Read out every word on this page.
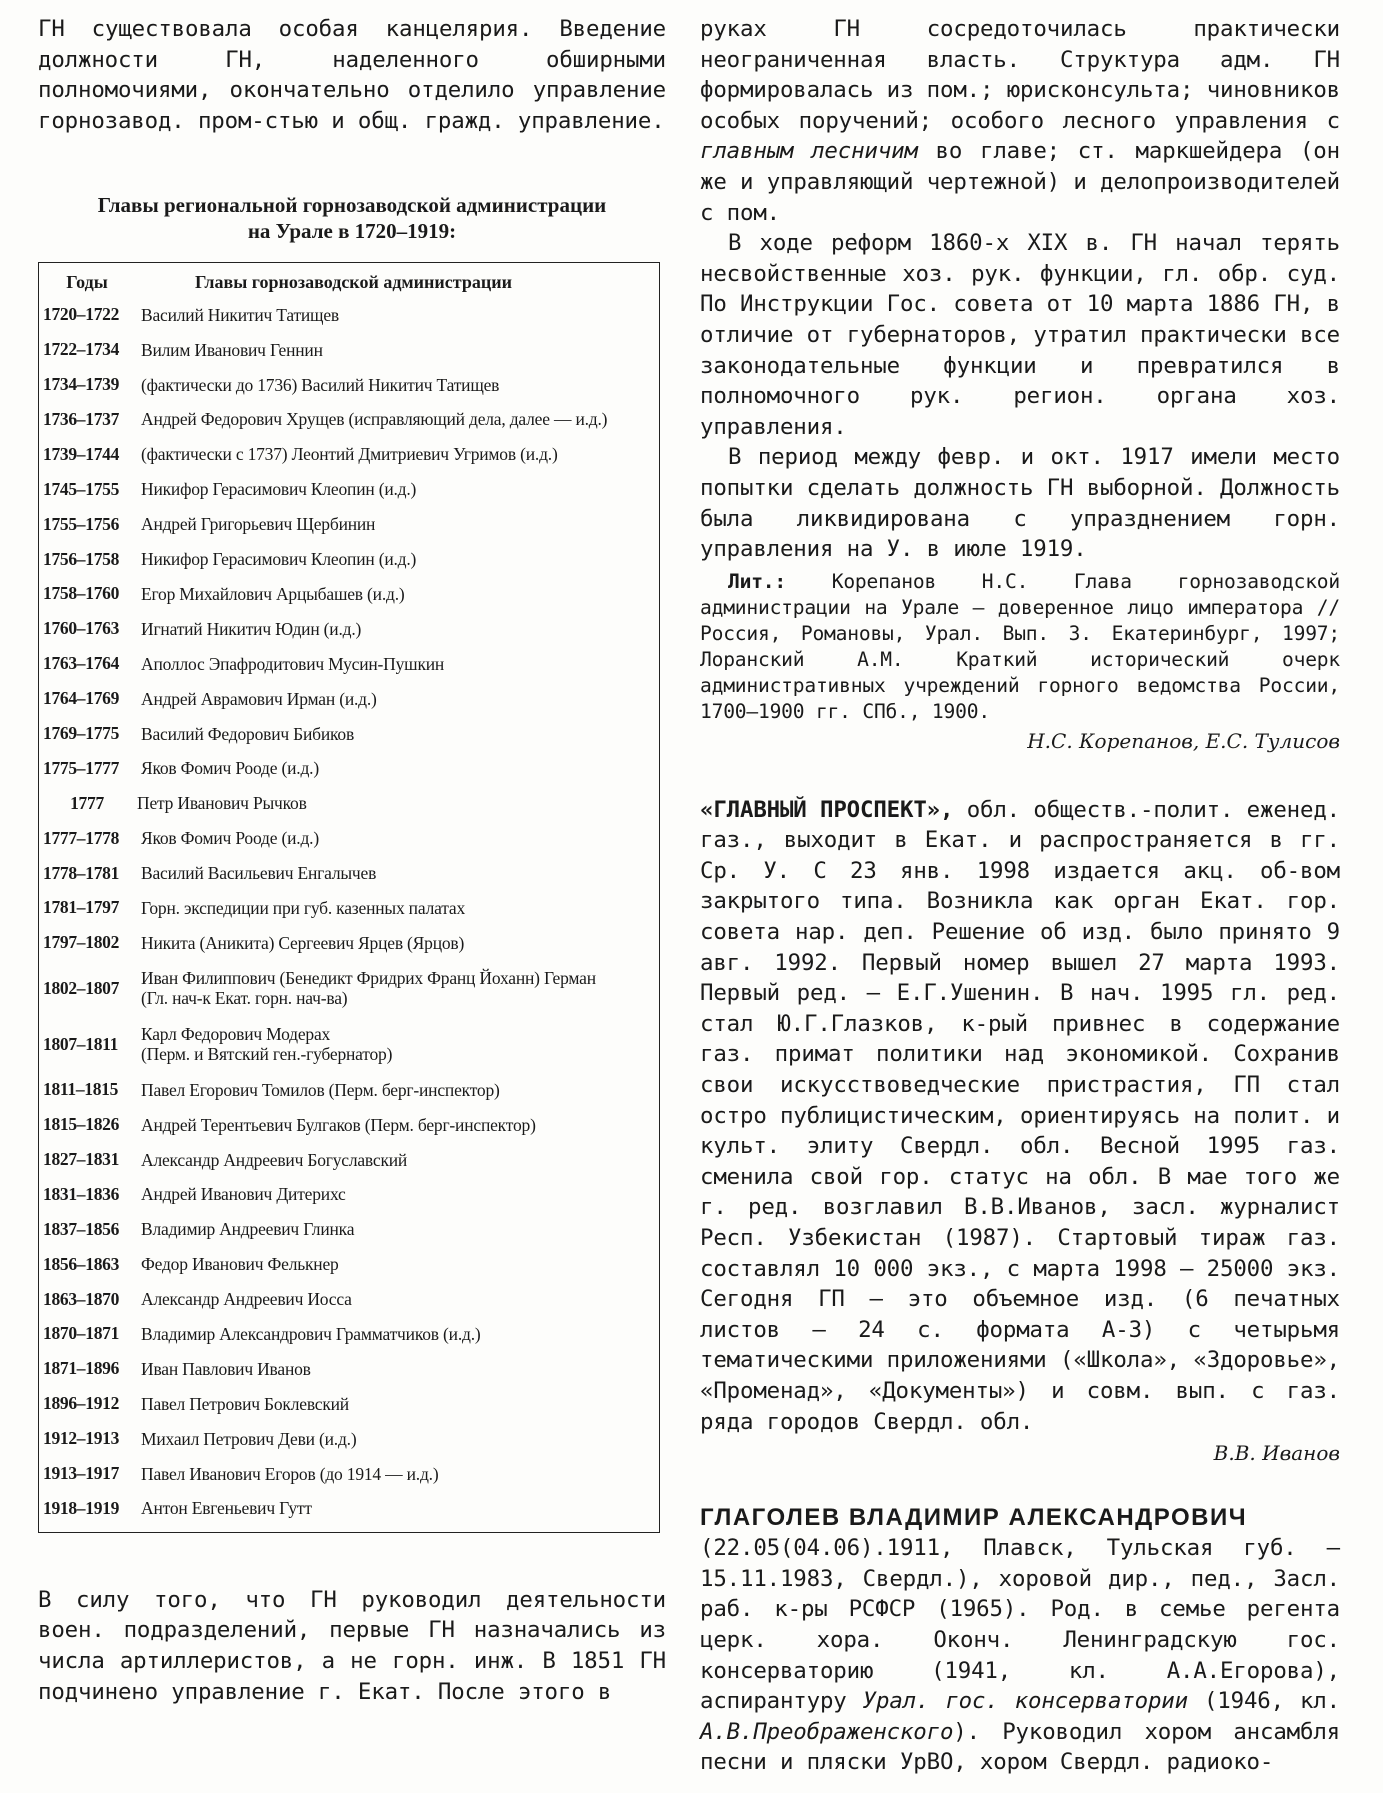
ГН существовала особая канцелярия. Введение должности ГН, наделенного обширными полномочиями, окончательно отделило управление горнозавод. пром-стью и общ. гражд. управление.

Главы региональной горнозаводской администрации
на Урале в 1720–1919:
Годы	Главы горнозаводской администрации
1720–1722	Василий Никитич Татищев
1722–1734	Вилим Иванович Геннин
1734–1739	(фактически до 1736) Василий Никитич Татищев
1736–1737	Андрей Федорович Хрущев (исправляющий дела, далее — и.д.)
1739–1744	(фактически с 1737) Леонтий Дмитриевич Угримов (и.д.)
1745–1755	Никифор Герасимович Клеопин (и.д.)
1755–1756	Андрей Григорьевич Щербинин
1756–1758	Никифор Герасимович Клеопин (и.д.)
1758–1760	Егор Михайлович Арцыбашев (и.д.)
1760–1763	Игнатий Никитич Юдин (и.д.)
1763–1764	Аполлос Эпафродитович Мусин-Пушкин
1764–1769	Андрей Аврамович Ирман (и.д.)
1769–1775	Василий Федорович Бибиков
1775–1777	Яков Фомич Рооде (и.д.)
1777	Петр Иванович Рычков
1777–1778	Яков Фомич Рооде (и.д.)
1778–1781	Василий Васильевич Енгалычев
1781–1797	Горн. экспедиции при губ. казенных палатах
1797–1802	Никита (Аникита) Сергеевич Ярцев (Ярцов)
1802–1807	Иван Филиппович (Бенедикт Фридрих Франц Йоханн) Герман
(Гл. нач-к Екат. горн. нач-ва)
1807–1811	Карл Федорович Модерах
(Перм. и Вятский ген.-губернатор)
1811–1815	Павел Егорович Томилов (Перм. берг-инспектор)
1815–1826	Андрей Терентьевич Булгаков (Перм. берг-инспектор)
1827–1831	Александр Андреевич Богуславский
1831–1836	Андрей Иванович Дитерихс
1837–1856	Владимир Андреевич Глинка
1856–1863	Федор Иванович Фелькнер
1863–1870	Александр Андреевич Иосса
1870–1871	Владимир Александрович Грамматчиков (и.д.)
1871–1896	Иван Павлович Иванов
1896–1912	Павел Петрович Боклевский
1912–1913	Михаил Петрович Деви (и.д.)
1913–1917	Павел Иванович Егоров (до 1914 — и.д.)
1918–1919	Антон Евгеньевич Гутт

В силу того, что ГН руководил деятельности воен. подразделений, первые ГН назначались из числа артиллеристов, а не горн. инж. В 1851 ГН подчинено управление г. Екат. После этого в

руках ГН сосредоточилась практически неограниченная власть. Структура адм. ГН формировалась из пом.; юрисконсульта; чиновников особых поручений; особого лесного управления с главным лесничим во главе; ст. маркшейдера (он же и управляющий чертежной) и делопроизводителей с пом.

В ходе реформ 1860-х XIX в. ГН начал терять несвойственные хоз. рук. функции, гл. обр. суд. По Инструкции Гос. совета от 10 марта 1886 ГН, в отличие от губернаторов, утратил практически все законодательные функции и превратился в полномочного рук. регион. органа хоз. управления.

В период между февр. и окт. 1917 имели место попытки сделать должность ГН выборной. Должность была ликвидирована с упразднением горн. управления на У. в июле 1919.

Лит.: Корепанов Н.С. Глава горнозаводской администрации на Урале — доверенное лицо императора // Россия, Романовы, Урал. Вып. 3. Екатеринбург, 1997; Лоранский А.М. Краткий исторический очерк административных учреждений горного ведомства России, 1700–1900 гг. СПб., 1900.

Н.С. Корепанов, Е.С. Тулисов

«ГЛАВНЫЙ ПРОСПЕКТ», обл. обществ.-полит. еженед. газ., выходит в Екат. и распространяется в гг. Ср. У. С 23 янв. 1998 издается акц. об-вом закрытого типа. Возникла как орган Екат. гор. совета нар. деп. Решение об изд. было принято 9 авг. 1992. Первый номер вышел 27 марта 1993. Первый ред. — Е.Г.Ушенин. В нач. 1995 гл. ред. стал Ю.Г.Глазков, к-рый привнес в содержание газ. примат политики над экономикой. Сохранив свои искусствоведческие пристрастия, ГП стал остро публицистическим, ориентируясь на полит. и культ. элиту Свердл. обл. Весной 1995 газ. сменила свой гор. статус на обл. В мае того же г. ред. возглавил В.В.Иванов, засл. журналист Респ. Узбекистан (1987). Стартовый тираж газ. составлял 10 000 экз., с марта 1998 — 25000 экз. Сегодня ГП — это объемное изд. (6 печатных листов — 24 с. формата А-3) с четырьмя тематическими приложениями («Школа», «Здоровье», «Променад», «Документы») и совм. вып. с газ. ряда городов Свердл. обл.

В.В. Иванов

ГЛАГОЛЕВ ВЛАДИМИР АЛЕКСАНДРОВИЧ

(22.05(04.06).1911, Плавск, Тульская губ. — 15.11.1983, Свердл.), хоровой дир., пед., Засл. раб. к-ры РСФСР (1965). Род. в семье регента церк. хора. Оконч. Ленинградскую гос. консерваторию (1941, кл. А.А.Егорова), аспирантуру Урал. гос. консерватории (1946, кл. А.В.Преображенского). Руководил хором ансамбля песни и пляски УрВО, хором Свердл. радиоко-
